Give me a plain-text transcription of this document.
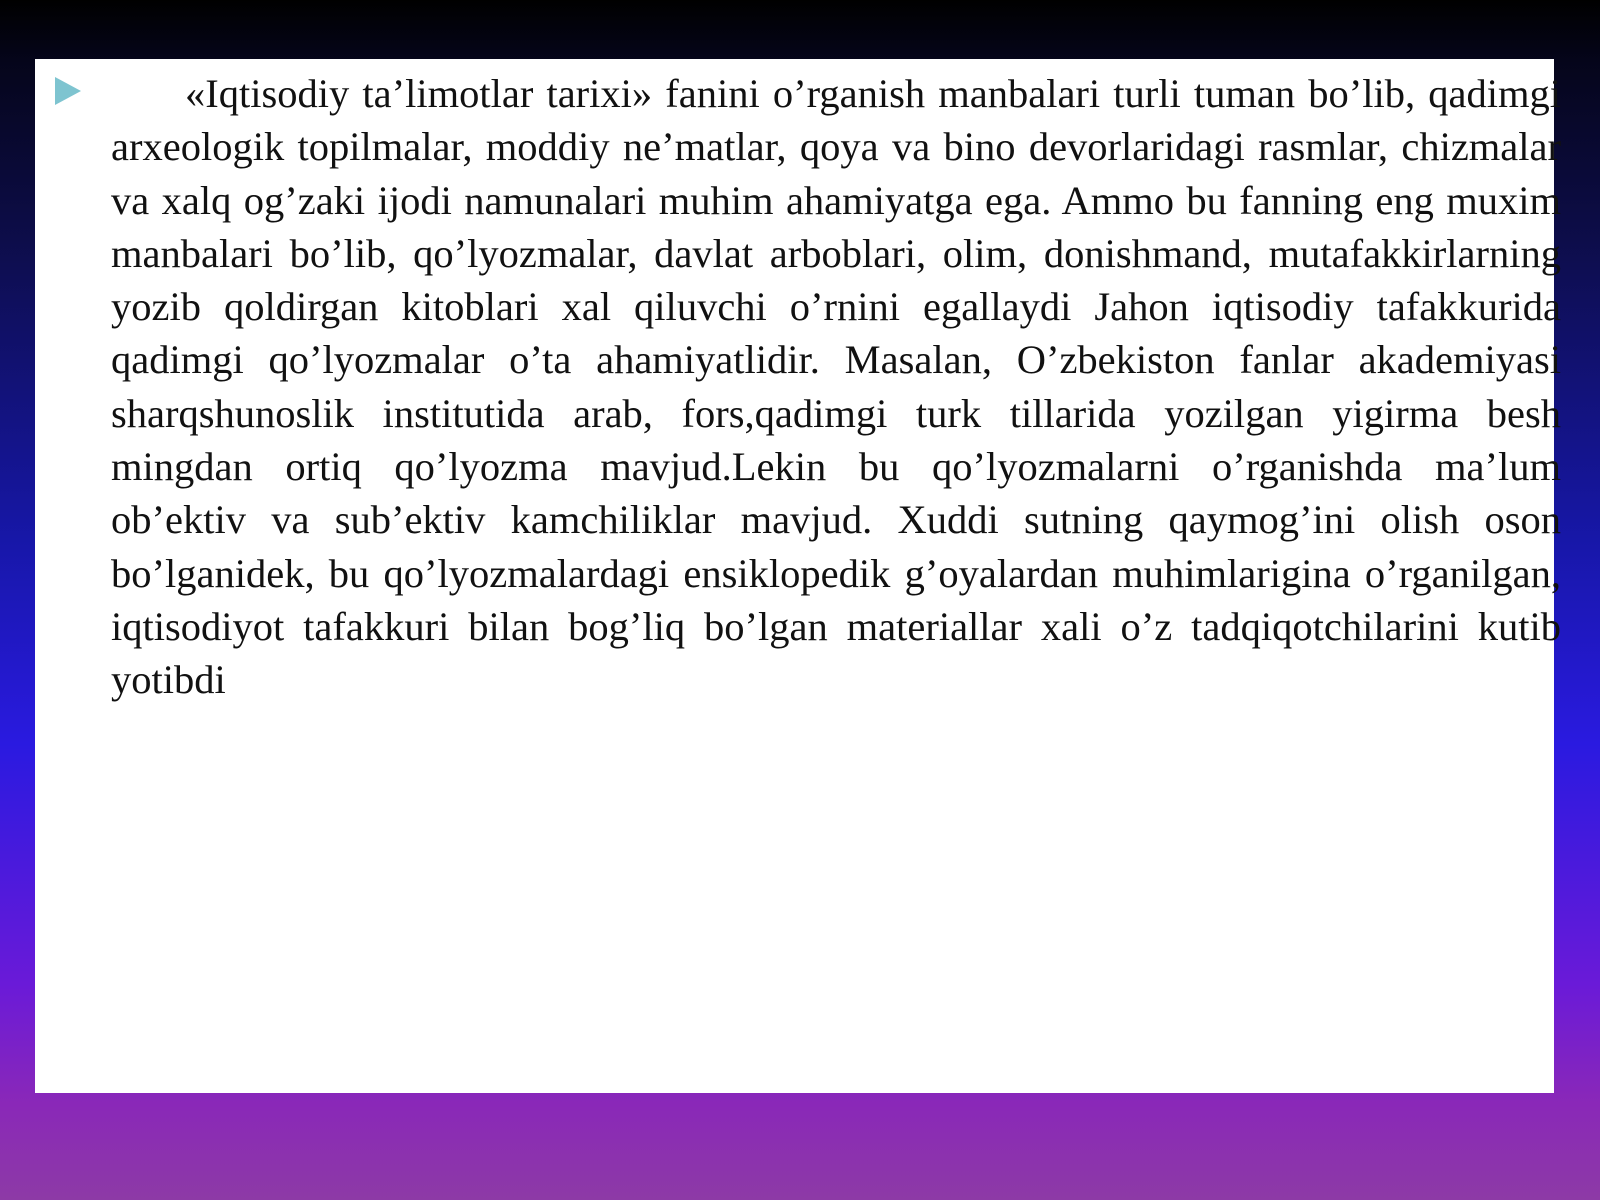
«Iqtisodiy ta’limotlar tarixi» fanini o’rganish manbalari turli tuman bo’lib, qadimgi arxeologik topilmalar, moddiy ne’matlar, qoya va bino devorlaridagi rasmlar, chizmalar va xalq og’zaki ijodi namunalari muhim ahamiyatga ega. Ammo bu fanning eng muxim manbalari bo’lib, qo’lyozmalar, davlat arboblari, olim, donishmand, mutafakkirlarning yozib qoldirgan kitoblari xal qiluvchi o’rnini egallaydi Jahon iqtisodiy tafakkurida qadimgi qo’lyozmalar o’ta ahamiyatlidir. Masalan, O’zbekiston fanlar akademiyasi sharqshunoslik institutida arab, fors,qadimgi turk tillarida yozilgan yigirma besh mingdan ortiq qo’lyozma mavjud.Lekin bu qo’lyozmalarni o’rganishda ma’lum ob’ektiv va sub’ektiv kamchiliklar mavjud. Xuddi sutning qaymog’ini olish oson bo’lganidek, bu qo’lyozmalardagi ensiklopedik g’oyalardan muhimlarigina o’rganilgan, iqtisodiyot tafakkuri bilan bog’liq bo’lgan materiallar xali o’z tadqiqotchilarini kutib yotibdi
